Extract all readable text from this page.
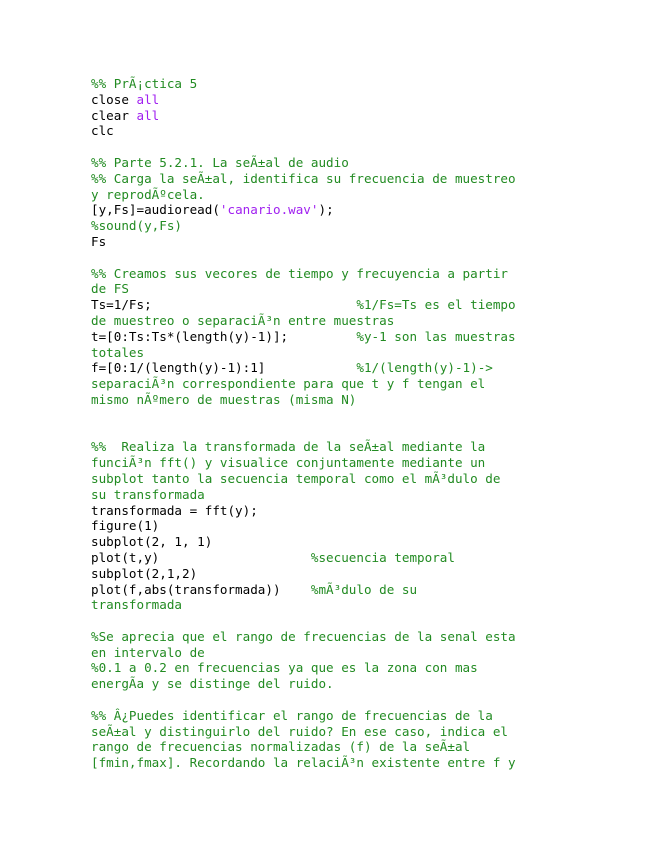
%% PrÃ¡ctica 5
close all
clear all
clc
%% Parte 5.2.1. La seÃ±al de audio
%% Carga la seÃ±al, identifica su frecuencia de muestreo
y reprodÃºcela.
[y,Fs]=audioread('canario.wav');
%sound(y,Fs)
Fs
%% Creamos sus vecores de tiempo y frecuyencia a partir
de FS
Ts=1/Fs;                           %1/Fs=Ts es el tiempo
de muestreo o separaciÃ³n entre muestras
t=[0:Ts:Ts*(length(y)-1)];         %y-1 son las muestras
totales
f=[0:1/(length(y)-1):1]            %1/(length(y)-1)->
separaciÃ³n correspondiente para que t y f tengan el
mismo nÃºmero de muestras (misma N)
%%  Realiza la transformada de la seÃ±al mediante la
funciÃ³n fft() y visualice conjuntamente mediante un
subplot tanto la secuencia temporal como el mÃ³dulo de
su transformada
transformada = fft(y);
figure(1)
subplot(2, 1, 1)
plot(t,y)                    %secuencia temporal
subplot(2,1,2)
plot(f,abs(transformada))    %mÃ³dulo de su
transformada
%Se aprecia que el rango de frecuencias de la senal esta
en intervalo de
%0.1 a 0.2 en frecuencias ya que es la zona con mas
energÃa y se distinge del ruido.
%% Â¿Puedes identificar el rango de frecuencias de la
seÃ±al y distinguirlo del ruido? En ese caso, indica el
rango de frecuencias normalizadas (f) de la seÃ±al
[fmin,fmax]. Recordando la relaciÃ³n existente entre f y
